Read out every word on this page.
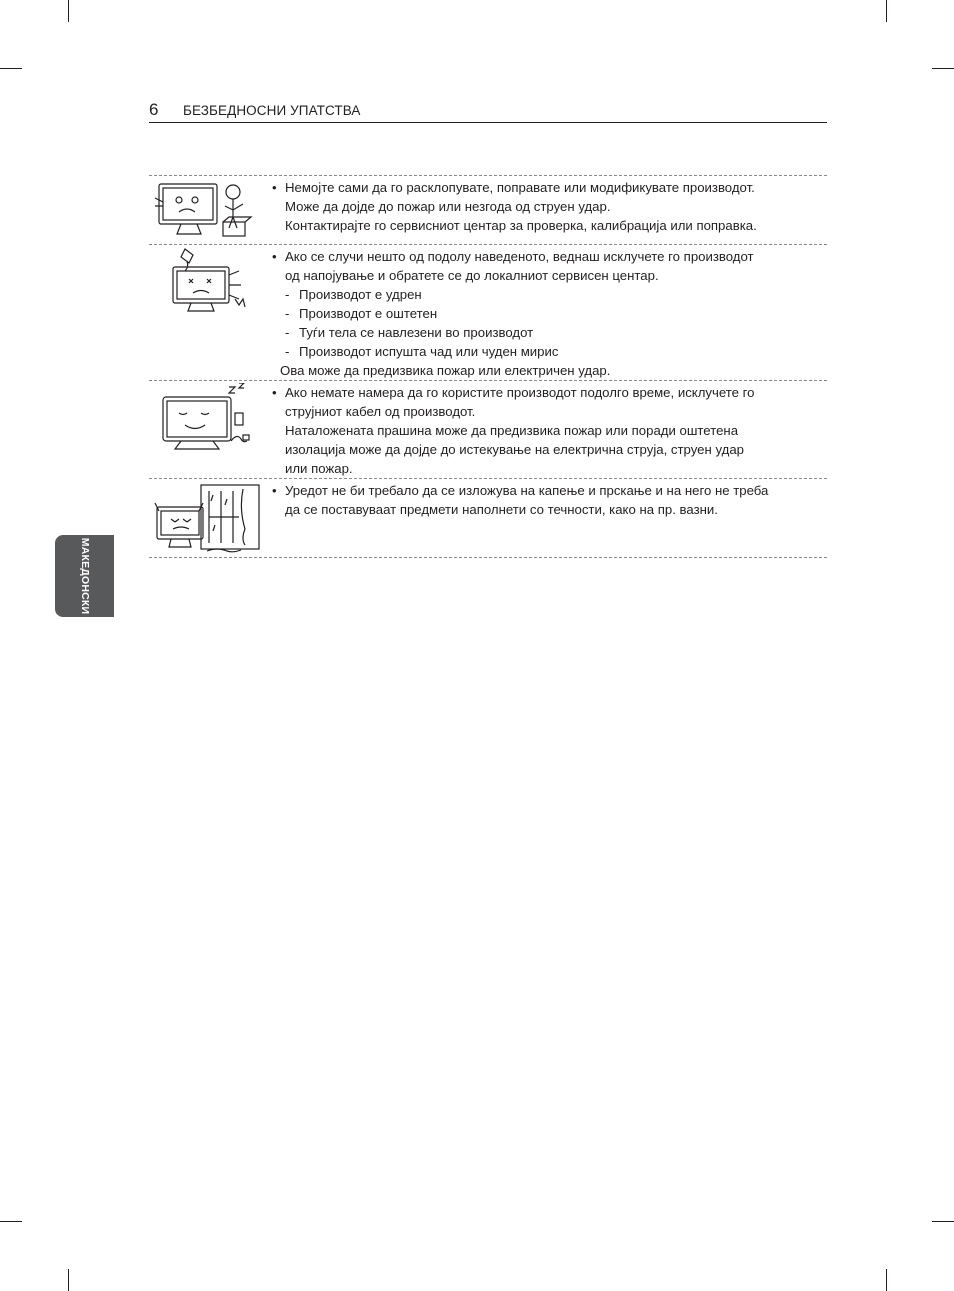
6 БЕЗБЕДНОСНИ УПАТСТВА
МАКЕДОНСКИ
• Немојте сами да го расклопувате, поправате или модификувате производот.
Може да дојде до пожар или незгода од струен удар.
Контактирајте го сервисниот центар за проверка, калибрација или поправка.
• Ако се случи нешто од подолу наведеното, веднаш исклучете го производот
од напојување и обратете се до локалниот сервисен центар.
- Производот е удрен
- Производот е оштетен
- Туѓи тела се навлезени во производот
- Производот испушта чад или чуден мирис
Ова може да предизвика пожар или електричен удар.
• Ако немате намера да го користите производот подолго време, исклучете го
струјниот кабел од производот.
Наталожената прашина може да предизвика пожар или поради оштетена
изолација може да дојде до истекување на електрична струја, струен удар
или пожар.
• Уредот не би требало да се изложува на капење и прскање и на него не треба
да се поставуваат предмети наполнети со течности, како на пр. вазни.
